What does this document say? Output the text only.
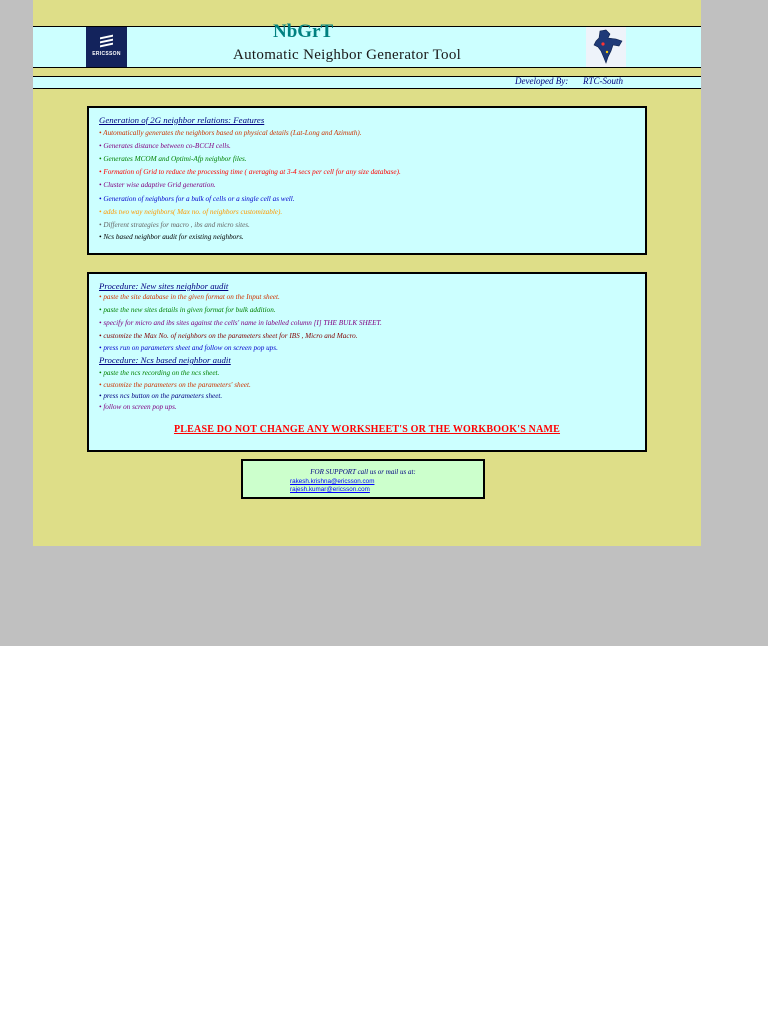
ERICSSON
NbGrT
Automatic Neighbor Generator Tool
Developed By: RTC-South
Generation of 2G neighbor relations: Features
• Automatically generates the neighbors based on physical details (Lat-Long and Azimuth).
• Generates distance between co-BCCH cells.
• Generates MCOM and Optimi-Afp neighbor files.
• Formation of Grid to reduce the processing time ( averaging at 3-4 secs per cell for any size database).
• Cluster wise adaptive Grid generation.
• Generation of neighbors for a bulk of cells or a single cell as well.
• adds two way neighbors( Max no. of neighbors customizable).
• Different strategies for macro , ibs and micro sites.
• Ncs based neighbor audit for existing neighbors.
Procedure: New sites neighbor audit
• paste the site database in the given format on the Input sheet.
• paste the new sites details in given format for bulk addition.
• specify for micro and ibs sites against the cells' name in labelled column [I] THE BULK SHEET.
• customize the Max No. of neighbors on the parameters sheet for IBS , Micro and Macro.
• press run on parameters sheet and follow on screen pop ups.
Procedure: Ncs based neighbor audit
• paste the ncs recording on the ncs sheet.
• customize the parameters on the parameters' sheet.
• press ncs button on the parameters sheet.
• follow on screen pop ups.
PLEASE DO NOT CHANGE ANY WORKSHEET'S OR THE WORKBOOK'S NAME
FOR SUPPORT call us or mail us at:
rakesh.krishna@ericsson.com
rajesh.kumar@ericsson.com
